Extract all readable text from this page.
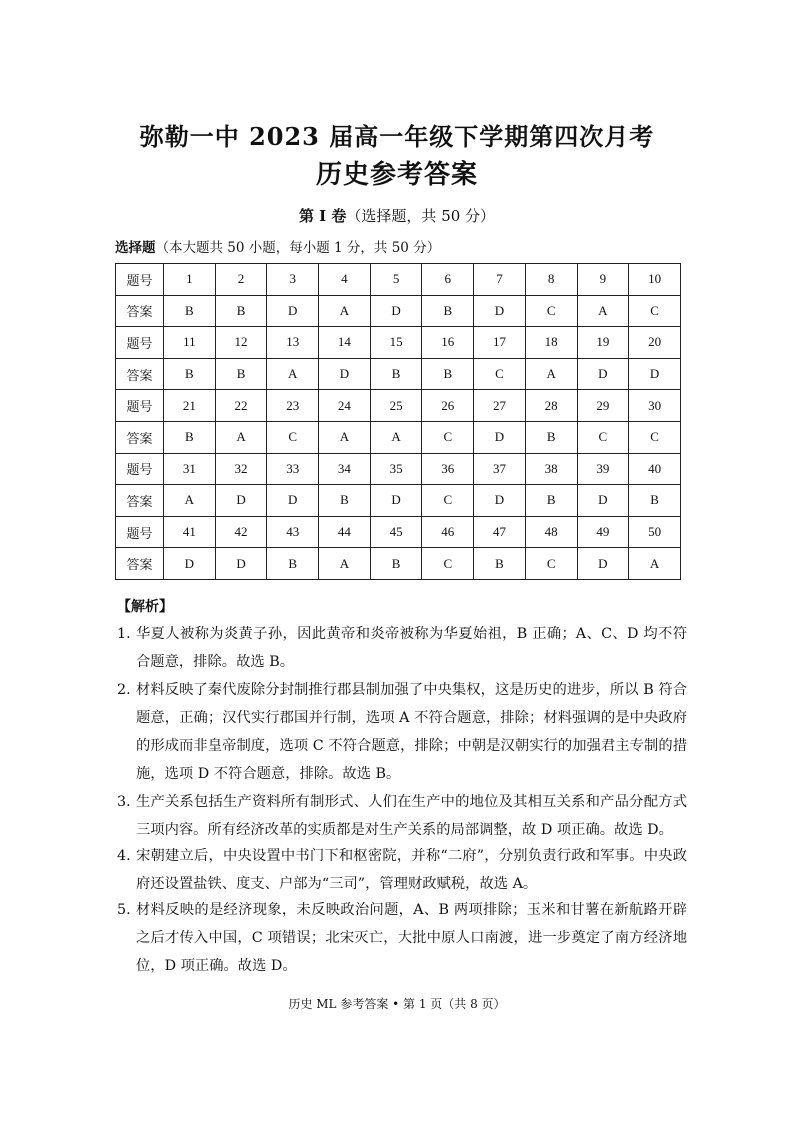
弥勒一中 2023 届高一年级下学期第四次月考
历史参考答案
第 Ⅰ 卷（选择题，共 50 分）
选择题（本大题共 50 小题，每小题 1 分，共 50 分）
题号	1	2	3	4	5	6	7	8	9	10
答案	B	B	D	A	D	B	D	C	A	C
题号	11	12	13	14	15	16	17	18	19	20
答案	B	B	A	D	B	B	C	A	D	D
题号	21	22	23	24	25	26	27	28	29	30
答案	B	A	C	A	A	C	D	B	C	C
题号	31	32	33	34	35	36	37	38	39	40
答案	A	D	D	B	D	C	D	B	D	B
题号	41	42	43	44	45	46	47	48	49	50
答案	D	D	B	A	B	C	B	C	D	A
【解析】
1. 华夏人被称为炎黄子孙，因此黄帝和炎帝被称为华夏始祖，B 正确；A、C、D 均不符合题意，排除。故选 B。
2. 材料反映了秦代废除分封制推行郡县制加强了中央集权，这是历史的进步，所以 B 符合题意，正确；汉代实行郡国并行制，选项 A 不符合题意，排除；材料强调的是中央政府的形成而非皇帝制度，选项 C 不符合题意，排除；中朝是汉朝实行的加强君主专制的措施，选项 D 不符合题意，排除。故选 B。
3. 生产关系包括生产资料所有制形式、人们在生产中的地位及其相互关系和产品分配方式三项内容。所有经济改革的实质都是对生产关系的局部调整，故 D 项正确。故选 D。
4. 宋朝建立后，中央设置中书门下和枢密院，并称“二府”，分别负责行政和军事。中央政府还设置盐铁、度支、户部为“三司”，管理财政赋税，故选 A。
5. 材料反映的是经济现象，未反映政治问题，A、B 两项排除；玉米和甘薯在新航路开辟之后才传入中国，C 项错误；北宋灭亡，大批中原人口南渡，进一步奠定了南方经济地位，D 项正确。故选 D。
历史 ML 参考答案 • 第 1 页（共 8 页）
